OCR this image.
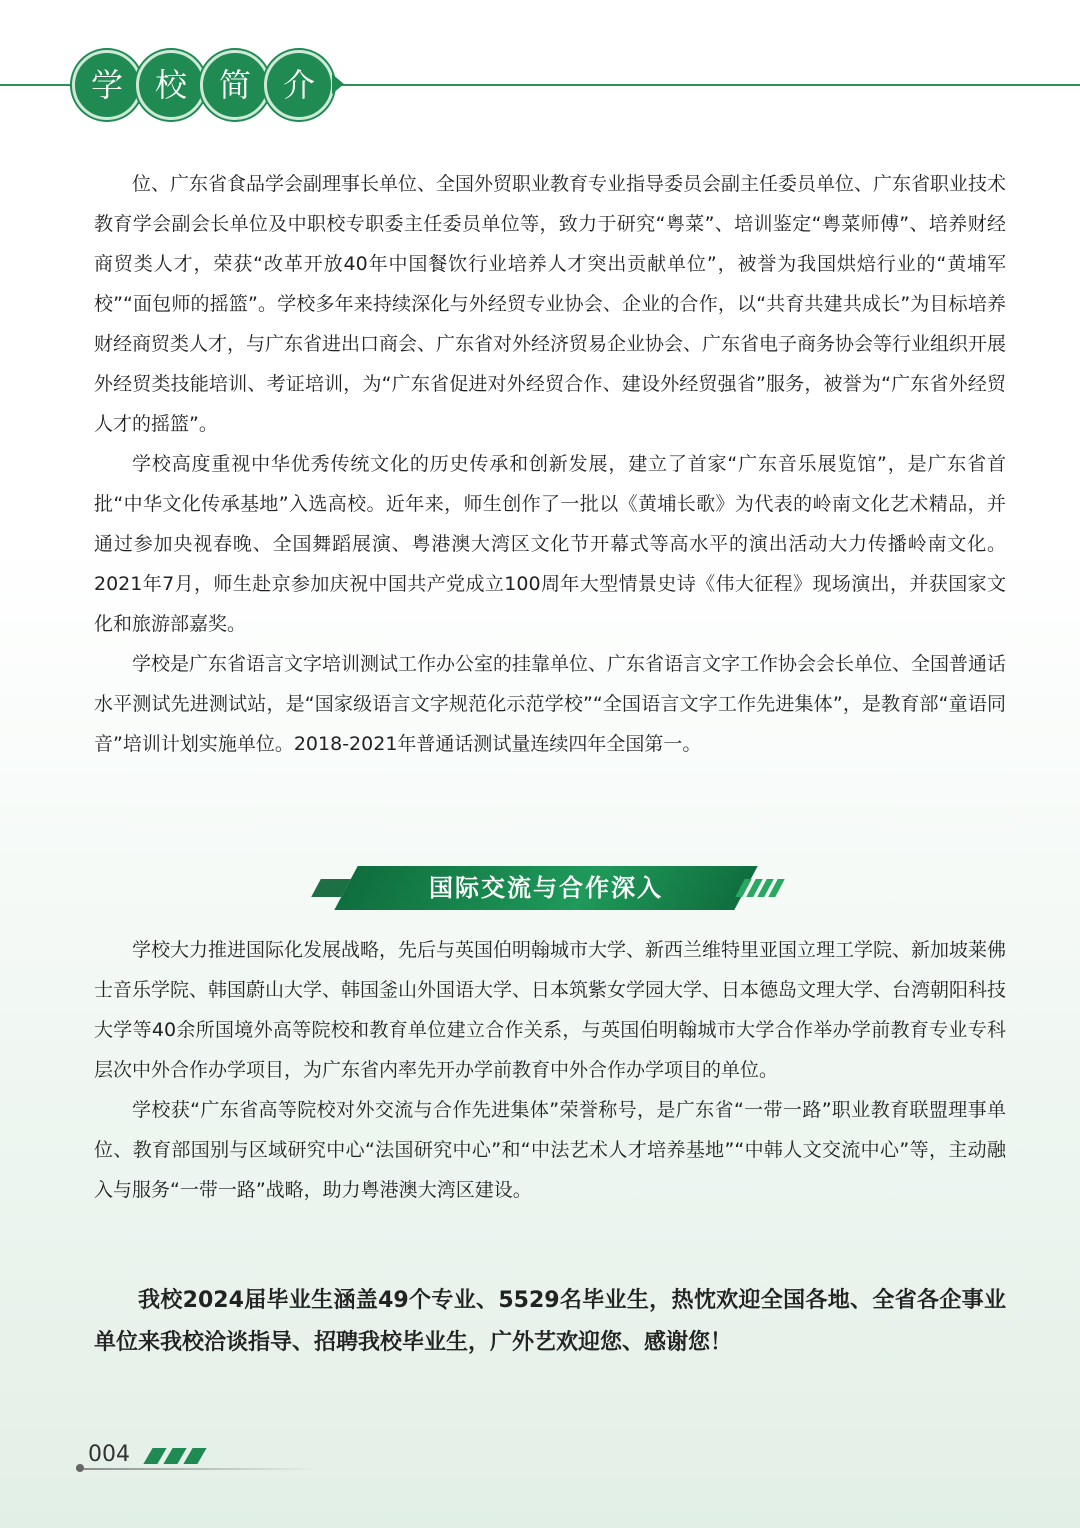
学 校 简 介

位、广东省食品学会副理事长单位、全国外贸职业教育专业指导委员会副主任委员单位、广东省职业技术教育学会副会长单位及中职校专职委主任委员单位等，致力于研究“粤菜”、培训鉴定“粤菜师傅”、培养财经商贸类人才，荣获“改革开放40年中国餐饮行业培养人才突出贡献单位”，被誉为我国烘焙行业的“黄埔军校”“面包师的摇篮”。学校多年来持续深化与外经贸专业协会、企业的合作，以“共育共建共成长”为目标培养财经商贸类人才，与广东省进出口商会、广东省对外经济贸易企业协会、广东省电子商务协会等行业组织开展外经贸类技能培训、考证培训，为“广东省促进对外经贸合作、建设外经贸强省”服务，被誉为“广东省外经贸人才的摇篮”。

学校高度重视中华优秀传统文化的历史传承和创新发展，建立了首家“广东音乐展览馆”，是广东省首批“中华文化传承基地”入选高校。近年来，师生创作了一批以《黄埔长歌》为代表的岭南文化艺术精品，并通过参加央视春晚、全国舞蹈展演、粤港澳大湾区文化节开幕式等高水平的演出活动大力传播岭南文化。2021年7月，师生赴京参加庆祝中国共产党成立100周年大型情景史诗《伟大征程》现场演出，并获国家文化和旅游部嘉奖。

学校是广东省语言文字培训测试工作办公室的挂靠单位、广东省语言文字工作协会会长单位、全国普通话水平测试先进测试站，是“国家级语言文字规范化示范学校”“全国语言文字工作先进集体”，是教育部“童语同音”培训计划实施单位。2018-2021年普通话测试量连续四年全国第一。

国际交流与合作深入

学校大力推进国际化发展战略，先后与英国伯明翰城市大学、新西兰维特里亚国立理工学院、新加坡莱佛士音乐学院、韩国蔚山大学、韩国釜山外国语大学、日本筑紫女学园大学、日本德岛文理大学、台湾朝阳科技大学等40余所国境外高等院校和教育单位建立合作关系，与英国伯明翰城市大学合作举办学前教育专业专科层次中外合作办学项目，为广东省内率先开办学前教育中外合作办学项目的单位。

学校获“广东省高等院校对外交流与合作先进集体”荣誉称号，是广东省“一带一路”职业教育联盟理事单位、教育部国别与区域研究中心“法国研究中心”和“中法艺术人才培养基地”“中韩人文交流中心”等，主动融入与服务“一带一路”战略，助力粤港澳大湾区建设。

我校2024届毕业生涵盖49个专业、5529名毕业生，热忱欢迎全国各地、全省各企事业单位来我校洽谈指导、招聘我校毕业生，广外艺欢迎您、感谢您！
004
